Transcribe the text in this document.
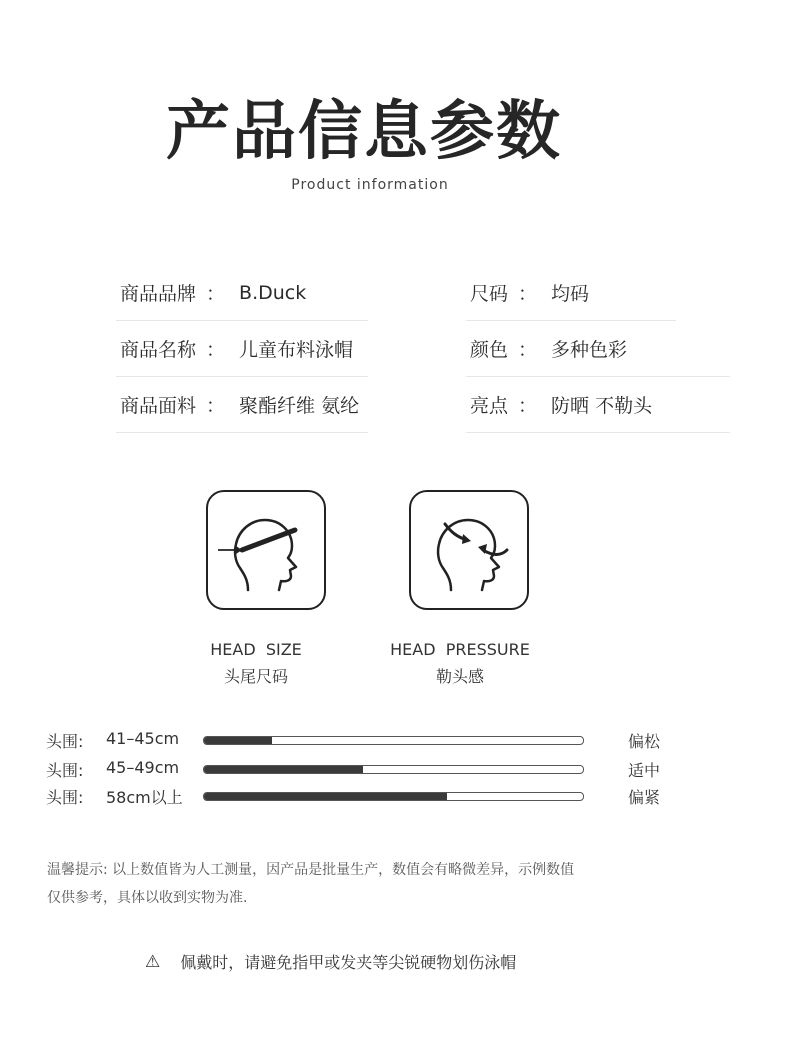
产品信息参数
Product information
商品品牌 ： B.Duck
商品名称 ： 儿童布料泳帽
商品面料 ： 聚酯纤维 氨纶
尺码 ： 均码
颜色 ： 多种色彩
亮点 ： 防晒 不勒头
HEAD  SIZE
头尾尺码
HEAD  PRESSURE
勒头感
头围: 41–45cm	偏松
头围: 45–49cm	适中
头围: 58cm以上	偏紧
温馨提示: 以上数值皆为人工测量，因产品是批量生产，数值会有略微差异，示例数值
仅供参考，具体以收到实物为准.
⚠ 佩戴时，请避免指甲或发夹等尖锐硬物划伤泳帽
